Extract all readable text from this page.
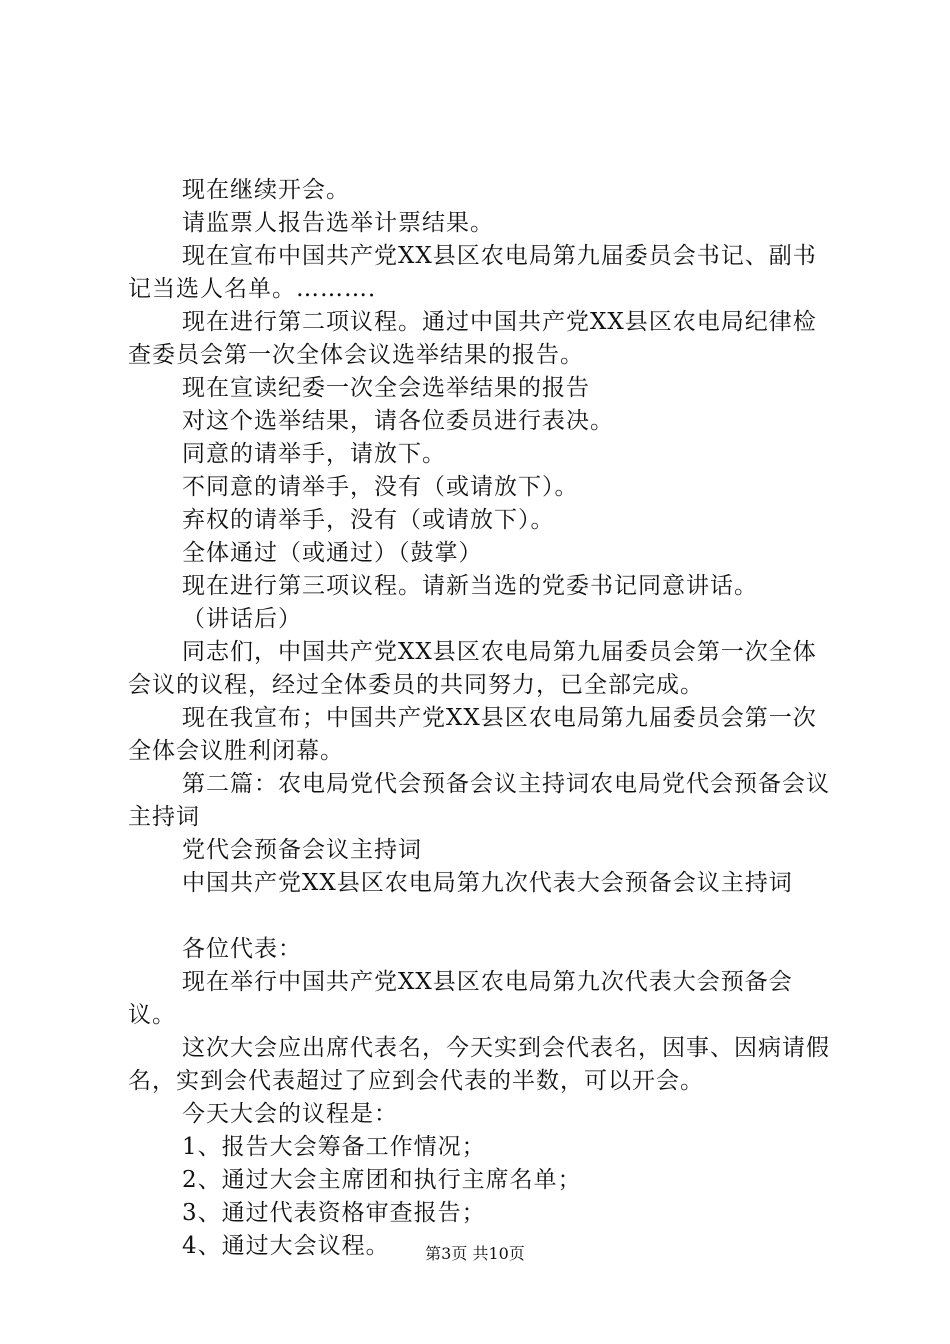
现在继续开会。

请监票人报告选举计票结果。

现在宣布中国共产党XX县区农电局第九届委员会书记、副书记当选人名单。………．

现在进行第二项议程。通过中国共产党XX县区农电局纪律检查委员会第一次全体会议选举结果的报告。

现在宣读纪委一次全会选举结果的报告

对这个选举结果，请各位委员进行表决。

同意的请举手，请放下。

不同意的请举手，没有（或请放下）。

弃权的请举手，没有（或请放下）。

全体通过（或通过）（鼓掌）

现在进行第三项议程。请新当选的党委书记同意讲话。

（讲话后）

同志们，中国共产党XX县区农电局第九届委员会第一次全体会议的议程，经过全体委员的共同努力，已全部完成。

现在我宣布；中国共产党XX县区农电局第九届委员会第一次全体会议胜利闭幕。

第二篇：农电局党代会预备会议主持词农电局党代会预备会议主持词

党代会预备会议主持词

中国共产党XX县区农电局第九次代表大会预备会议主持词

各位代表：

现在举行中国共产党XX县区农电局第九次代表大会预备会议。

这次大会应出席代表名，今天实到会代表名，因事、因病请假名，实到会代表超过了应到会代表的半数，可以开会。

今天大会的议程是：

1、报告大会筹备工作情况；

2、通过大会主席团和执行主席名单；

3、通过代表资格审查报告；

4、通过大会议程。	第3页 共10页
